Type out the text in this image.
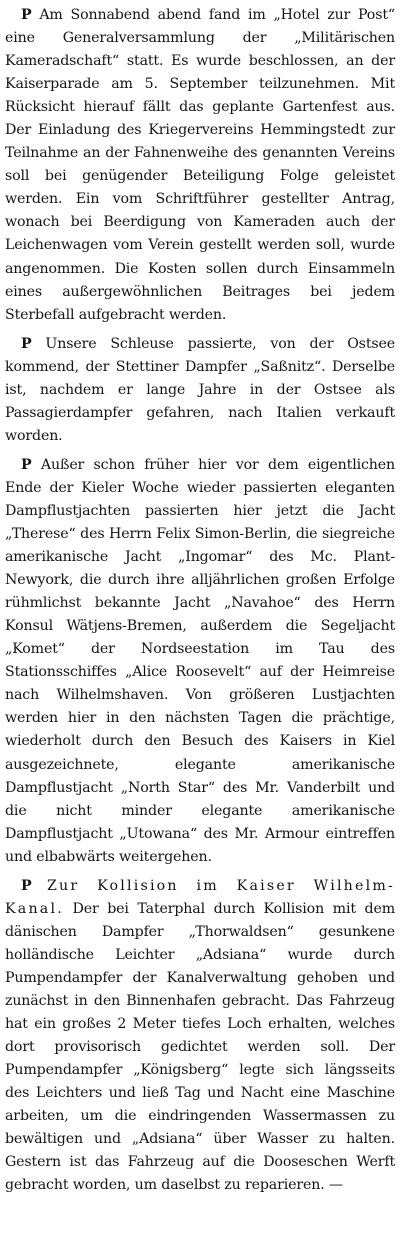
P Am Sonnabend abend fand im „Hotel zur Post“ eine Generalversammlung der „Militärischen Kameradschaft“ statt. Es wurde beschlossen, an der Kaiserparade am 5. September teilzunehmen. Mit Rücksicht hierauf fällt das geplante Gartenfest aus. Der Einladung des Kriegervereins Hemmingstedt zur Teilnahme an der Fahnenweihe des genannten Vereins soll bei genügender Beteiligung Folge geleistet werden. Ein vom Schriftführer gestellter Antrag, wonach bei Beerdigung von Kameraden auch der Leichenwagen vom Verein gestellt werden soll, wurde angenommen. Die Kosten sollen durch Einsammeln eines außergewöhnlichen Beitrages bei jedem Sterbefall aufgebracht werden.

P Unsere Schleuse passierte, von der Ostsee kommend, der Stettiner Dampfer „Saßnitz“. Derselbe ist, nachdem er lange Jahre in der Ostsee als Passagierdampfer gefahren, nach Italien verkauft worden.

P Außer schon früher hier vor dem eigentlichen Ende der Kieler Woche wieder passierten eleganten Dampflustjachten passierten hier jetzt die Jacht „Therese“ des Herrn Felix Simon-Berlin, die siegreiche amerikanische Jacht „Ingomar“ des Mc. Plant-Newyork, die durch ihre alljährlichen großen Erfolge rühmlichst bekannte Jacht „Navahoe“ des Herrn Konsul Wätjens-Bremen, außerdem die Segeljacht „Komet“ der Nordseestation im Tau des Stationsschiffes „Alice Roosevelt“ auf der Heimreise nach Wilhelmshaven. Von größeren Lustjachten werden hier in den nächsten Tagen die prächtige, wiederholt durch den Besuch des Kaisers in Kiel ausgezeichnete, elegante amerikanische Dampflustjacht „North Star“ des Mr. Vanderbilt und die nicht minder elegante amerikanische Dampflustjacht „Utowana“ des Mr. Armour eintreffen und elbabwärts weitergehen.

P Zur Kollision im Kaiser Wilhelm-Kanal. Der bei Taterphal durch Kollision mit dem dänischen Dampfer „Thorwaldsen“ gesunkene holländische Leichter „Adsiana“ wurde durch Pumpendampfer der Kanalverwaltung gehoben und zunächst in den Binnenhafen gebracht. Das Fahrzeug hat ein großes 2 Meter tiefes Loch erhalten, welches dort provisorisch gedichtet werden soll. Der Pumpendampfer „Königsberg“ legte sich längsseits des Leichters und ließ Tag und Nacht eine Maschine arbeiten, um die eindringenden Wassermassen zu bewältigen und „Adsiana“ über Wasser zu halten. Gestern ist das Fahrzeug auf die Dooseschen Werft gebracht worden, um daselbst zu reparieren. —
